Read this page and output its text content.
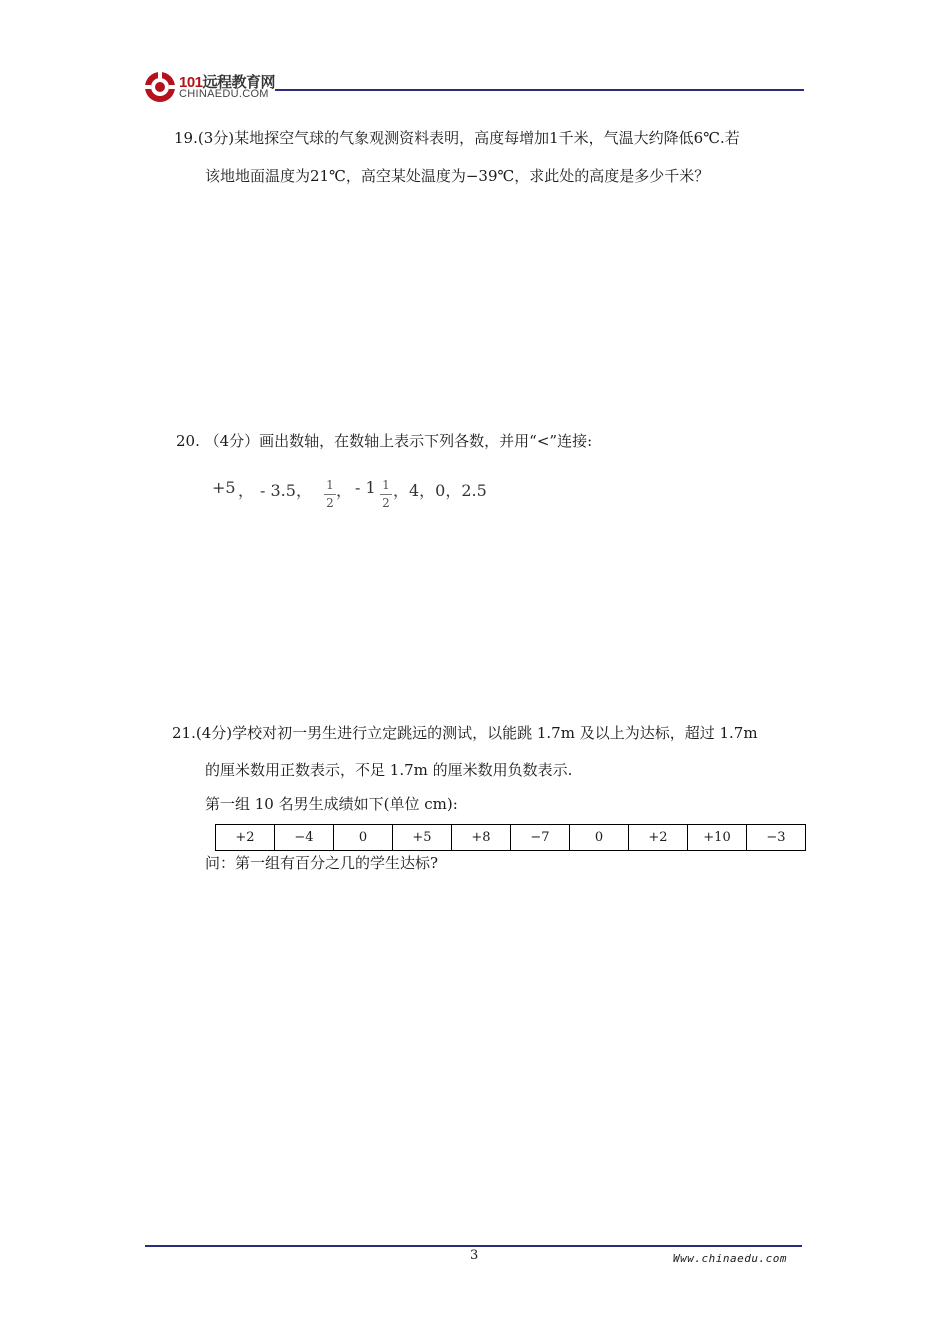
101远程教育网
CHINAEDU.COM
19.(3分)某地探空气球的气象观测资料表明，高度每增加1千米，气温大约降低6℃.若
该地地面温度为21℃，高空某处温度为−39℃，求此处的高度是多少千米？
20. （4分）画出数轴，在数轴上表示下列各数，并用“<”连接:
+5 ， - 3.5， 1
2
， - 1 1
2
，4，0，2.5
21.(4分)学校对初一男生进行立定跳远的测试，以能跳 1.7m 及以上为达标，超过 1.7m
的厘米数用正数表示，不足 1.7m 的厘米数用负数表示.
第一组 10 名男生成绩如下(单位 cm):
+2	−4	0	+5	+8	−7	0	+2	+10	−3
问：第一组有百分之几的学生达标?
3	Www.chinaedu.com
